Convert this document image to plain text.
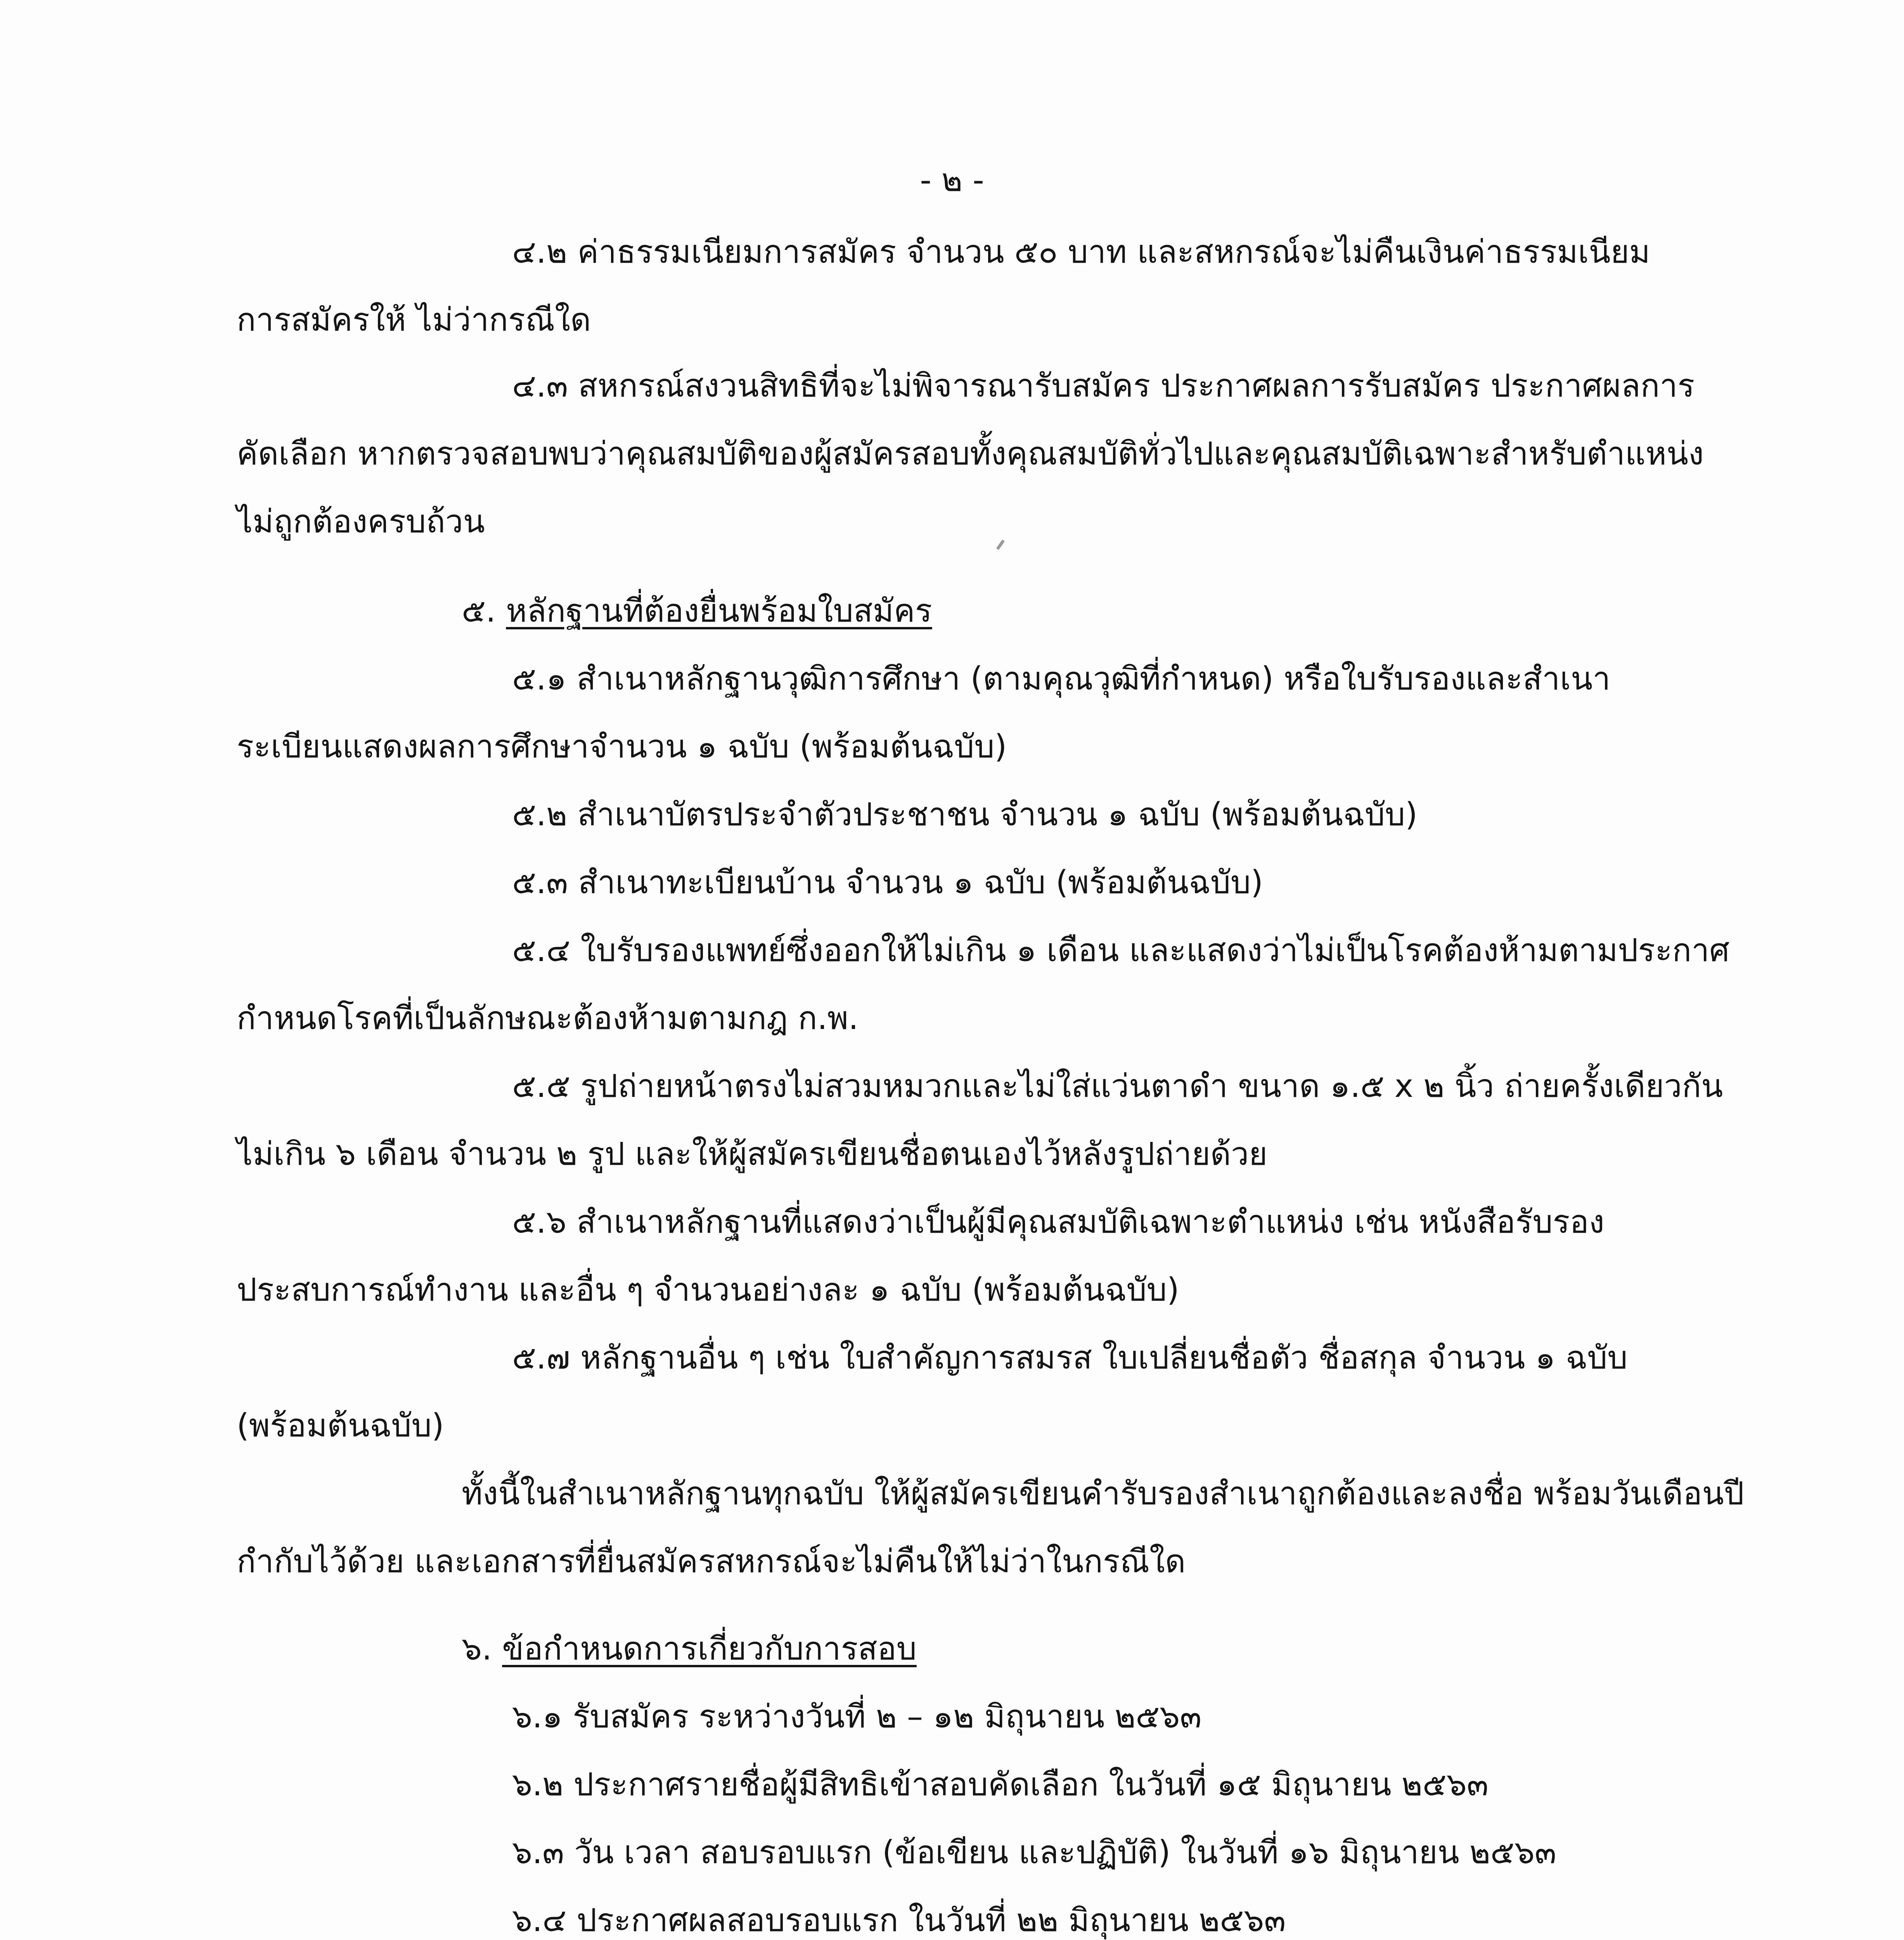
- ๒ -

๔.๒ ค่าธรรมเนียมการสมัคร จำนวน ๕๐ บาท และสหกรณ์จะไม่คืนเงินค่าธรรมเนียม

การสมัครให้ ไม่ว่ากรณีใด

๔.๓ สหกรณ์สงวนสิทธิที่จะไม่พิจารณารับสมัคร ประกาศผลการรับสมัคร ประกาศผลการ

คัดเลือก หากตรวจสอบพบว่าคุณสมบัติของผู้สมัครสอบทั้งคุณสมบัติทั่วไปและคุณสมบัติเฉพาะสำหรับตำแหน่ง

ไม่ถูกต้องครบถ้วน

๕. หลักฐานที่ต้องยื่นพร้อมใบสมัคร

๕.๑ สำเนาหลักฐานวุฒิการศึกษา (ตามคุณวุฒิที่กำหนด) หรือใบรับรองและสำเนา

ระเบียนแสดงผลการศึกษาจำนวน ๑ ฉบับ (พร้อมต้นฉบับ)

๕.๒ สำเนาบัตรประจำตัวประชาชน จำนวน ๑ ฉบับ (พร้อมต้นฉบับ)

๕.๓ สำเนาทะเบียนบ้าน จำนวน ๑ ฉบับ (พร้อมต้นฉบับ)

๕.๔ ใบรับรองแพทย์ซึ่งออกให้ไม่เกิน ๑ เดือน และแสดงว่าไม่เป็นโรคต้องห้ามตามประกาศ

กำหนดโรคที่เป็นลักษณะต้องห้ามตามกฎ ก.พ.

๕.๕ รูปถ่ายหน้าตรงไม่สวมหมวกและไม่ใส่แว่นตาดำ ขนาด ๑.๕ x ๒ นิ้ว ถ่ายครั้งเดียวกัน

ไม่เกิน ๖ เดือน จำนวน ๒ รูป และให้ผู้สมัครเขียนชื่อตนเองไว้หลังรูปถ่ายด้วย

๕.๖ สำเนาหลักฐานที่แสดงว่าเป็นผู้มีคุณสมบัติเฉพาะตำแหน่ง เช่น หนังสือรับรอง

ประสบการณ์ทำงาน และอื่น ๆ จำนวนอย่างละ ๑ ฉบับ (พร้อมต้นฉบับ)

๕.๗ หลักฐานอื่น ๆ เช่น ใบสำคัญการสมรส ใบเปลี่ยนชื่อตัว ชื่อสกุล จำนวน ๑ ฉบับ

(พร้อมต้นฉบับ)

ทั้งนี้ในสำเนาหลักฐานทุกฉบับ ให้ผู้สมัครเขียนคำรับรองสำเนาถูกต้องและลงชื่อ พร้อมวันเดือนปี

กำกับไว้ด้วย และเอกสารที่ยื่นสมัครสหกรณ์จะไม่คืนให้ไม่ว่าในกรณีใด

๖. ข้อกำหนดการเกี่ยวกับการสอบ

๖.๑ รับสมัคร ระหว่างวันที่ ๒ – ๑๒ มิถุนายน ๒๕๖๓

๖.๒ ประกาศรายชื่อผู้มีสิทธิเข้าสอบคัดเลือก ในวันที่ ๑๕ มิถุนายน ๒๕๖๓

๖.๓ วัน เวลา สอบรอบแรก (ข้อเขียน และปฏิบัติ) ในวันที่ ๑๖ มิถุนายน ๒๕๖๓

๖.๔ ประกาศผลสอบรอบแรก ในวันที่ ๒๒ มิถุนายน ๒๕๖๓
